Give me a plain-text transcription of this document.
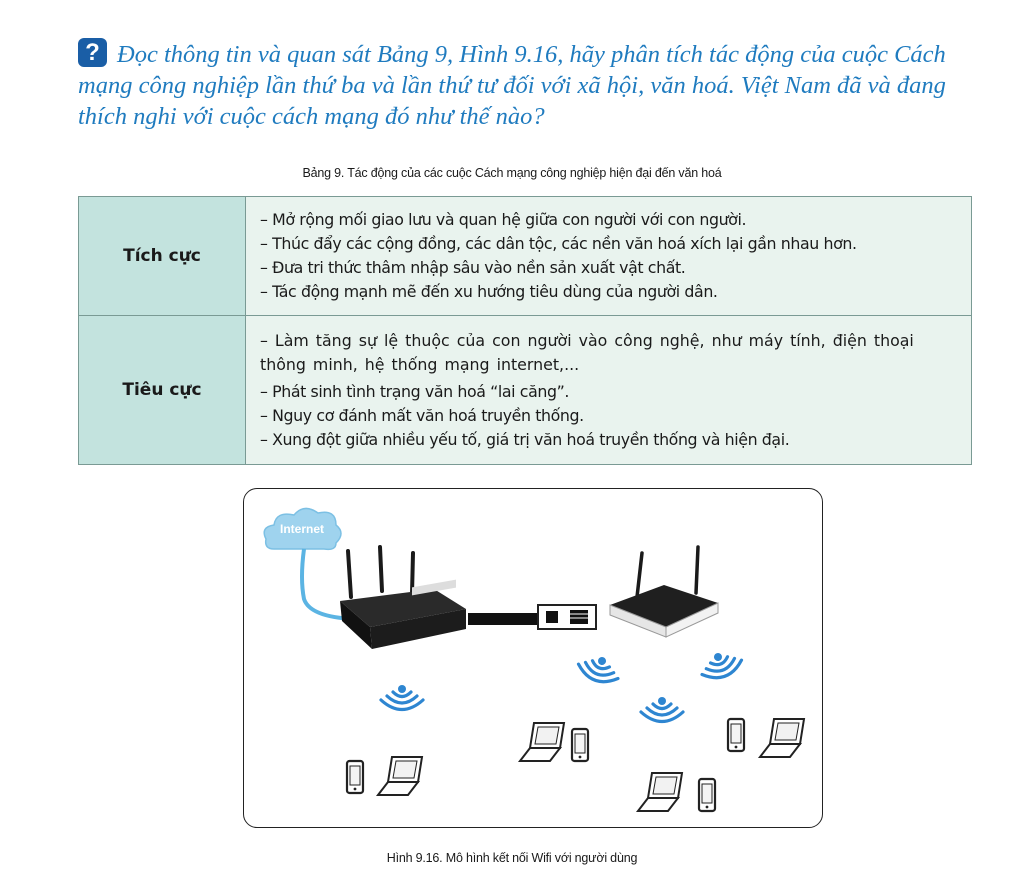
? Đọc thông tin và quan sát Bảng 9, Hình 9.16, hãy phân tích tác động của cuộc Cách mạng công nghiệp lần thứ ba và lần thứ tư đối với xã hội, văn hoá. Việt Nam đã và đang thích nghi với cuộc cách mạng đó như thế nào?
Bảng 9. Tác động của các cuộc Cách mạng công nghiệp hiện đại đến văn hoá
Tích cực	– Mở rộng mối giao lưu và quan hệ giữa con người với con người.
– Thúc đẩy các cộng đồng, các dân tộc, các nền văn hoá xích lại gần nhau hơn.
– Đưa tri thức thâm nhập sâu vào nền sản xuất vật chất.
– Tác động mạnh mẽ đến xu hướng tiêu dùng của người dân.

Tiêu cực	– Làm tăng sự lệ thuộc của con người vào công nghệ, như máy tính, điện thoại thông minh, hệ thống mạng internet,...
– Phát sinh tình trạng văn hoá “lai căng”.
– Nguy cơ đánh mất văn hoá truyền thống.
– Xung đột giữa nhiều yếu tố, giá trị văn hoá truyền thống và hiện đại.
Internet
Hình 9.16. Mô hình kết nối Wifi với người dùng
